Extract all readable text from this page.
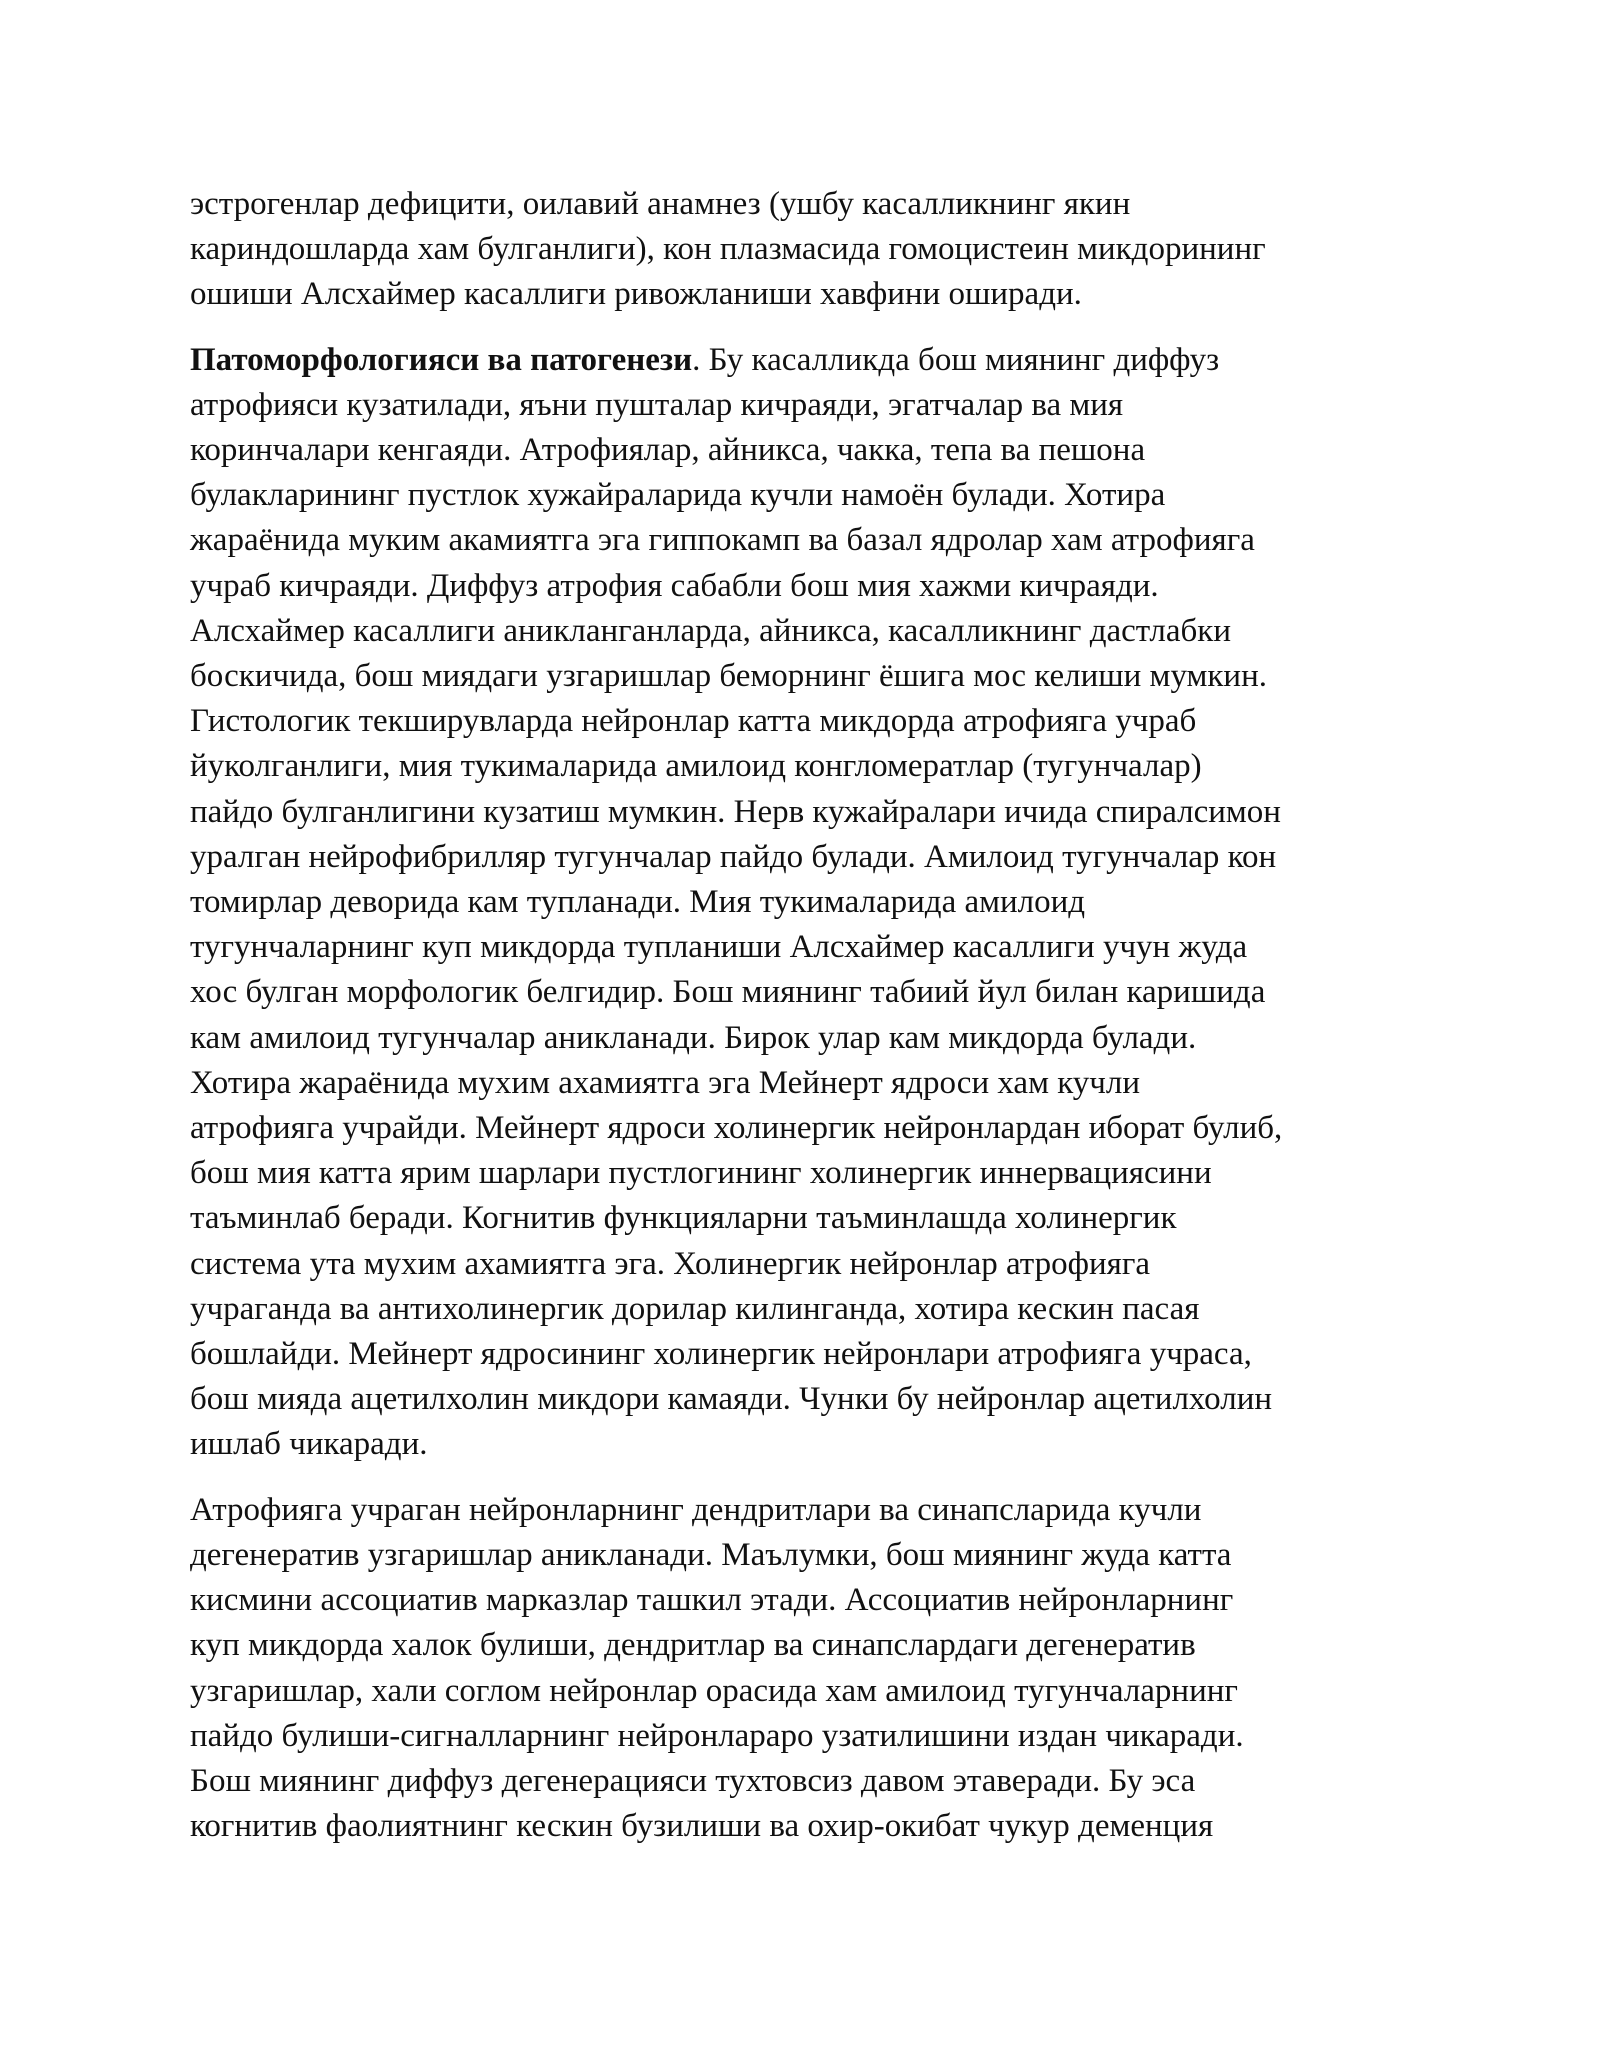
эстрогенлар дефицити, оилавий анамнез (ушбу касалликнинг якин
кариндошларда хам булганлиги), кон плазмасида гомоцистеин микдорининг
ошиши Алсхаймер касаллиги ривожланиши хавфини оширади.
Патоморфологияси ва патогенези. Бу касалликда бош миянинг диффуз
атрофияси кузатилади, яъни пушталар кичраяди, эгатчалар ва мия
коринчалари кенгаяди. Атрофиялар, айникса, чакка, тепа ва пешона
булакларининг пустлок хужайраларида кучли намоён булади. Хотира
жараёнида муким акамиятга эга гиппокамп ва базал ядролар хам атрофияга
учраб кичраяди. Диффуз атрофия сабабли бош мия хажми кичраяди.
Алсхаймер касаллиги аникланганларда, айникса, касалликнинг дастлабки
боскичида, бош миядаги узгаришлар беморнинг ёшига мос келиши мумкин.
Гистологик текширувларда нейронлар катта микдорда атрофияга учраб
йуколганлиги, мия тукималарида амилоид конгломератлар (тугунчалар)
пайдо булганлигини кузатиш мумкин. Нерв кужайралари ичида спиралсимон
уралган нейрофибрилляр тугунчалар пайдо булади. Амилоид тугунчалар кон
томирлар деворида кам тупланади. Мия тукималарида амилоид
тугунчаларнинг куп микдорда тупланиши Алсхаймер касаллиги учун жуда
хос булган морфологик белгидир. Бош миянинг табиий йул билан каришида
кам амилоид тугунчалар аникланади. Бирок улар кам микдорда булади.
Хотира жараёнида мухим ахамиятга эга Мейнерт ядроси хам кучли
атрофияга учрайди. Мейнерт ядроси холинергик нейронлардан иборат булиб,
бош мия катта ярим шарлари пустлогининг холинергик иннервациясини
таъминлаб беради. Когнитив функцияларни таъминлашда холинергик
система ута мухим ахамиятга эга. Холинергик нейронлар атрофияга
учраганда ва антихолинергик дорилар килинганда, хотира кескин пасая
бошлайди. Мейнерт ядросининг холинергик нейронлари атрофияга учраса,
бош мияда ацетилхолин микдори камаяди. Чунки бу нейронлар ацетилхолин
ишлаб чикаради.
Атрофияга учраган нейронларнинг дендритлари ва синапсларида кучли
дегенератив узгаришлар аникланади. Маълумки, бош миянинг жуда катта
кисмини ассоциатив марказлар ташкил этади. Ассоциатив нейронларнинг
куп микдорда халок булиши, дендритлар ва синапслардаги дегенератив
узгаришлар, хали соглом нейронлар орасида хам амилоид тугунчаларнинг
пайдо булиши-сигналларнинг нейронлараро узатилишини издан чикаради.
Бош миянинг диффуз дегенерацияси тухтовсиз давом этаверади. Бу эса
когнитив фаолиятнинг кескин бузилиши ва охир-окибат чукур деменция
